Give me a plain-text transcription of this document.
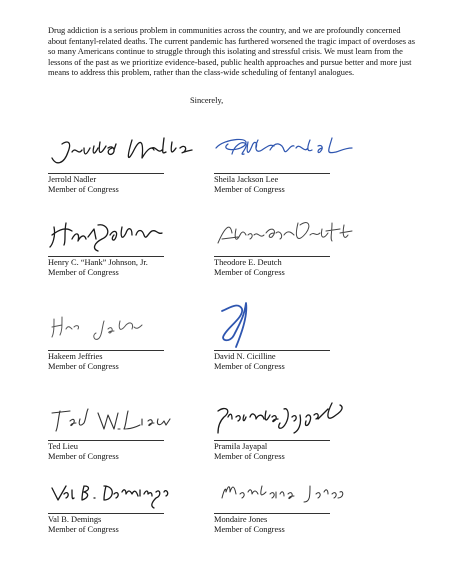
Drug addiction is a serious problem in communities across the country, and we are profoundly concerned about fentanyl-related deaths. The current pandemic has furthered worsened the tragic impact of overdoses as so many Americans continue to struggle through this isolating and stressful crisis. We must learn from the lessons of the past as we prioritize evidence-based, public health approaches and pursue better and more just means to address this problem, rather than the class-wide scheduling of fentanyl analogues.
Sincerely,
Jerrold Nadler
Member of Congress
Sheila Jackson Lee
Member of Congress
Henry C. “Hank” Johnson, Jr.
Member of Congress
Theodore E. Deutch
Member of Congress
Hakeem Jeffries
Member of Congress
David N. Cicilline
Member of Congress
Ted Lieu
Member of Congress
Pramila Jayapal
Member of Congress
Val B. Demings
Member of Congress
Mondaire Jones
Member of Congress
